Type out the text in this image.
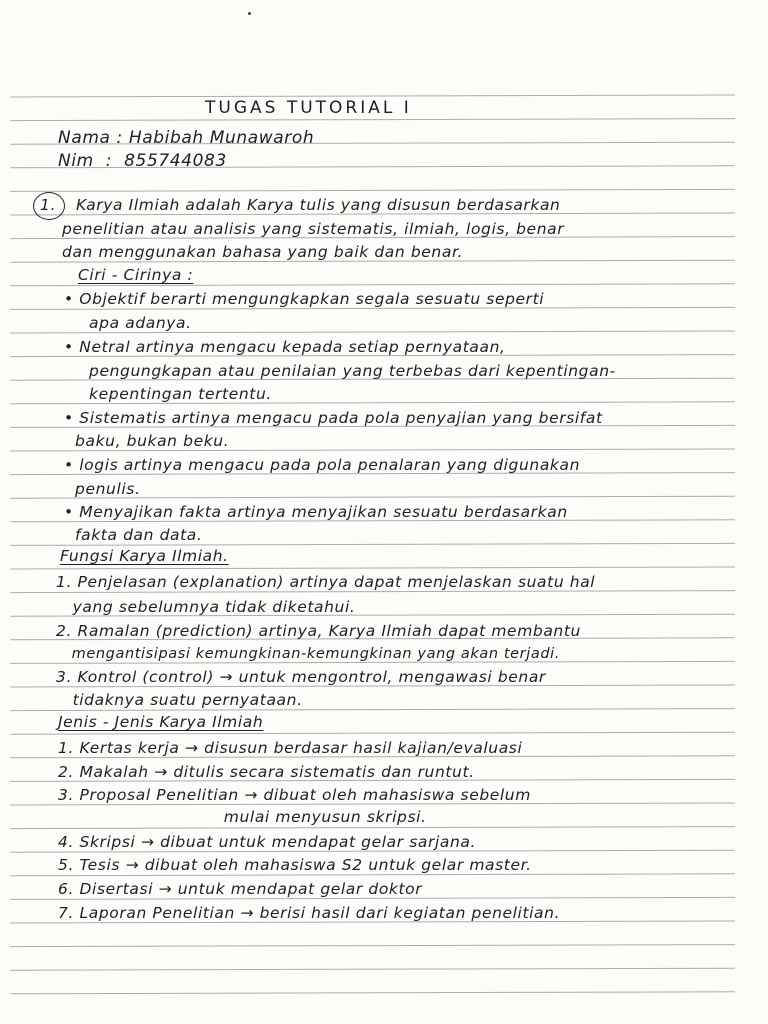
TUGAS TUTORIAL I
Nama : Habibah Munawaroh
Nim  :  855744083
1. Karya Ilmiah adalah Karya tulis yang disusun berdasarkan
penelitian atau analisis yang sistematis, ilmiah, logis, benar
dan menggunakan bahasa yang baik dan benar.
Ciri - Cirinya :
• Objektif berarti mengungkapkan segala sesuatu seperti
apa adanya.
• Netral artinya mengacu kepada setiap pernyataan,
pengungkapan atau penilaian yang terbebas dari kepentingan-
kepentingan tertentu.
• Sistematis artinya mengacu pada pola penyajian yang bersifat
baku, bukan beku.
• logis artinya mengacu pada pola penalaran yang digunakan
penulis.
• Menyajikan fakta artinya menyajikan sesuatu berdasarkan
fakta dan data.
Fungsi Karya Ilmiah.
1. Penjelasan (explanation) artinya dapat menjelaskan suatu hal
yang sebelumnya tidak diketahui.
2. Ramalan (prediction) artinya, Karya Ilmiah dapat membantu
mengantisipasi kemungkinan-kemungkinan yang akan terjadi.
3. Kontrol (control) → untuk mengontrol, mengawasi benar
tidaknya suatu pernyataan.
Jenis - Jenis Karya Ilmiah
1. Kertas kerja → disusun berdasar hasil kajian/evaluasi
2. Makalah → ditulis secara sistematis dan runtut.
3. Proposal Penelitian → dibuat oleh mahasiswa sebelum
mulai menyusun skripsi.
4. Skripsi → dibuat untuk mendapat gelar sarjana.
5. Tesis → dibuat oleh mahasiswa S2 untuk gelar master.
6. Disertasi → untuk mendapat gelar doktor
7. Laporan Penelitian → berisi hasil dari kegiatan penelitian.
